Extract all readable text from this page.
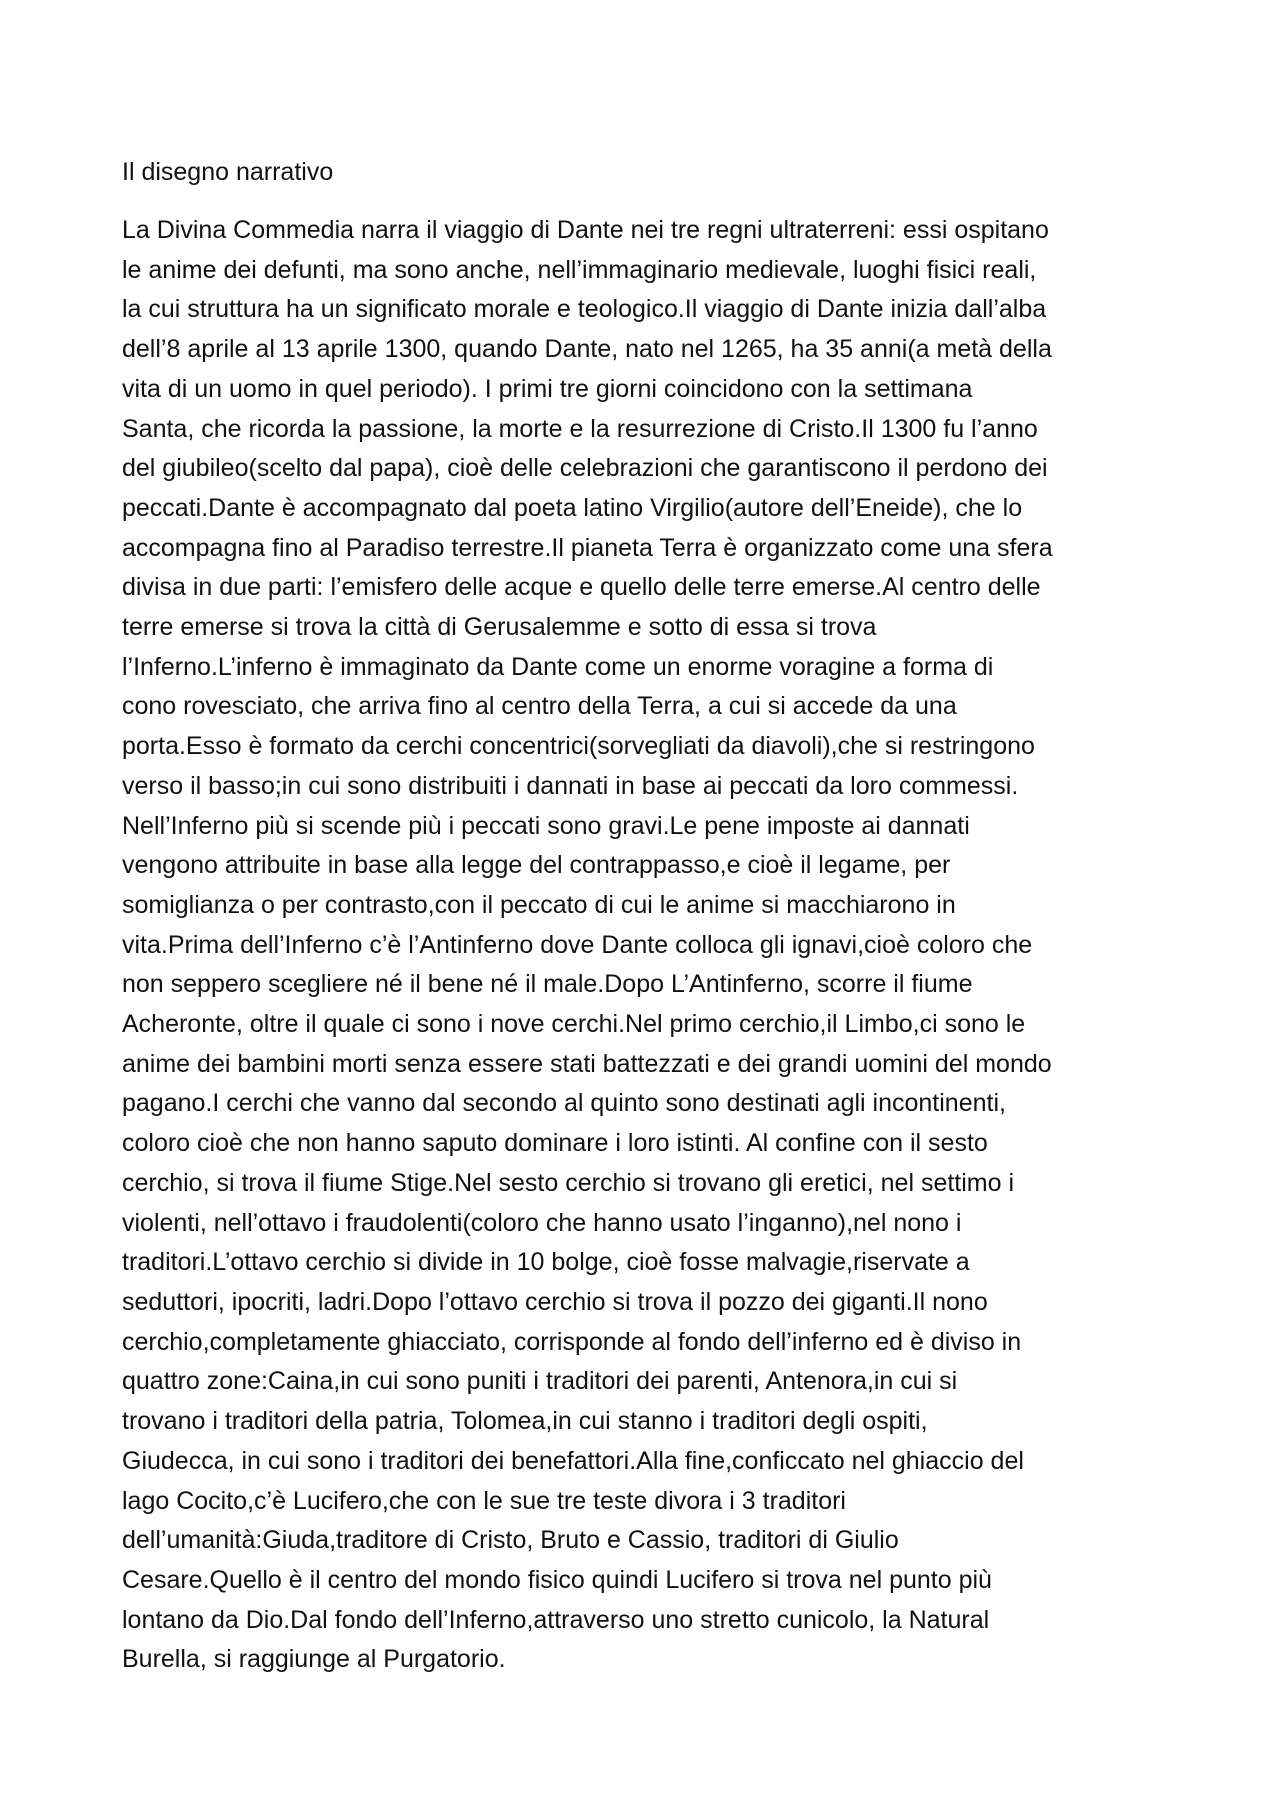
Il disegno narrativo
La Divina Commedia narra il viaggio di Dante nei tre regni ultraterreni: essi ospitano
le anime dei defunti, ma sono anche, nell’immaginario medievale, luoghi fisici reali,
la cui struttura ha un significato morale e teologico.Il viaggio di Dante inizia dall’alba
dell’8 aprile al 13 aprile 1300, quando Dante, nato nel 1265, ha 35 anni(a metà della
vita di un uomo in quel periodo). I primi tre giorni coincidono con la settimana
Santa, che ricorda la passione, la morte e la resurrezione di Cristo.Il 1300 fu l’anno
del giubileo(scelto dal papa), cioè delle celebrazioni che garantiscono il perdono dei
peccati.Dante è accompagnato dal poeta latino Virgilio(autore dell’Eneide), che lo
accompagna fino al Paradiso terrestre.Il pianeta Terra è organizzato come una sfera
divisa in due parti: l’emisfero delle acque e quello delle terre emerse.Al centro delle
terre emerse si trova la città di Gerusalemme e sotto di essa si trova
l’Inferno.L’inferno è immaginato da Dante come un enorme voragine a forma di
cono rovesciato, che arriva fino al centro della Terra, a cui si accede da una
porta.Esso è formato da cerchi concentrici(sorvegliati da diavoli),che si restringono
verso il basso;in cui sono distribuiti i dannati in base ai peccati da loro commessi.
Nell’Inferno più si scende più i peccati sono gravi.Le pene imposte ai dannati
vengono attribuite in base alla legge del contrappasso,e cioè il legame, per
somiglianza o per contrasto,con il peccato di cui le anime si macchiarono in
vita.Prima dell’Inferno c’è l’Antinferno dove Dante colloca gli ignavi,cioè coloro che
non seppero scegliere né il bene né il male.Dopo L’Antinferno, scorre il fiume
Acheronte, oltre il quale ci sono i nove cerchi.Nel primo cerchio,il Limbo,ci sono le
anime dei bambini morti senza essere stati battezzati e dei grandi uomini del mondo
pagano.I cerchi che vanno dal secondo al quinto sono destinati agli incontinenti,
coloro cioè che non hanno saputo dominare i loro istinti. Al confine con il sesto
cerchio, si trova il fiume Stige.Nel sesto cerchio si trovano gli eretici, nel settimo i
violenti, nell’ottavo i fraudolenti(coloro che hanno usato l’inganno),nel nono i
traditori.L’ottavo cerchio si divide in 10 bolge, cioè fosse malvagie,riservate a
seduttori, ipocriti, ladri.Dopo l’ottavo cerchio si trova il pozzo dei giganti.Il nono
cerchio,completamente ghiacciato, corrisponde al fondo dell’inferno ed è diviso in
quattro zone:Caina,in cui sono puniti i traditori dei parenti, Antenora,in cui si
trovano i traditori della patria, Tolomea,in cui stanno i traditori degli ospiti,
Giudecca, in cui sono i traditori dei benefattori.Alla fine,conficcato nel ghiaccio del
lago Cocito,c’è Lucifero,che con le sue tre teste divora i 3 traditori
dell’umanità:Giuda,traditore di Cristo, Bruto e Cassio, traditori di Giulio
Cesare.Quello è il centro del mondo fisico quindi Lucifero si trova nel punto più
lontano da Dio.Dal fondo dell’Inferno,attraverso uno stretto cunicolo, la Natural
Burella, si raggiunge al Purgatorio.
